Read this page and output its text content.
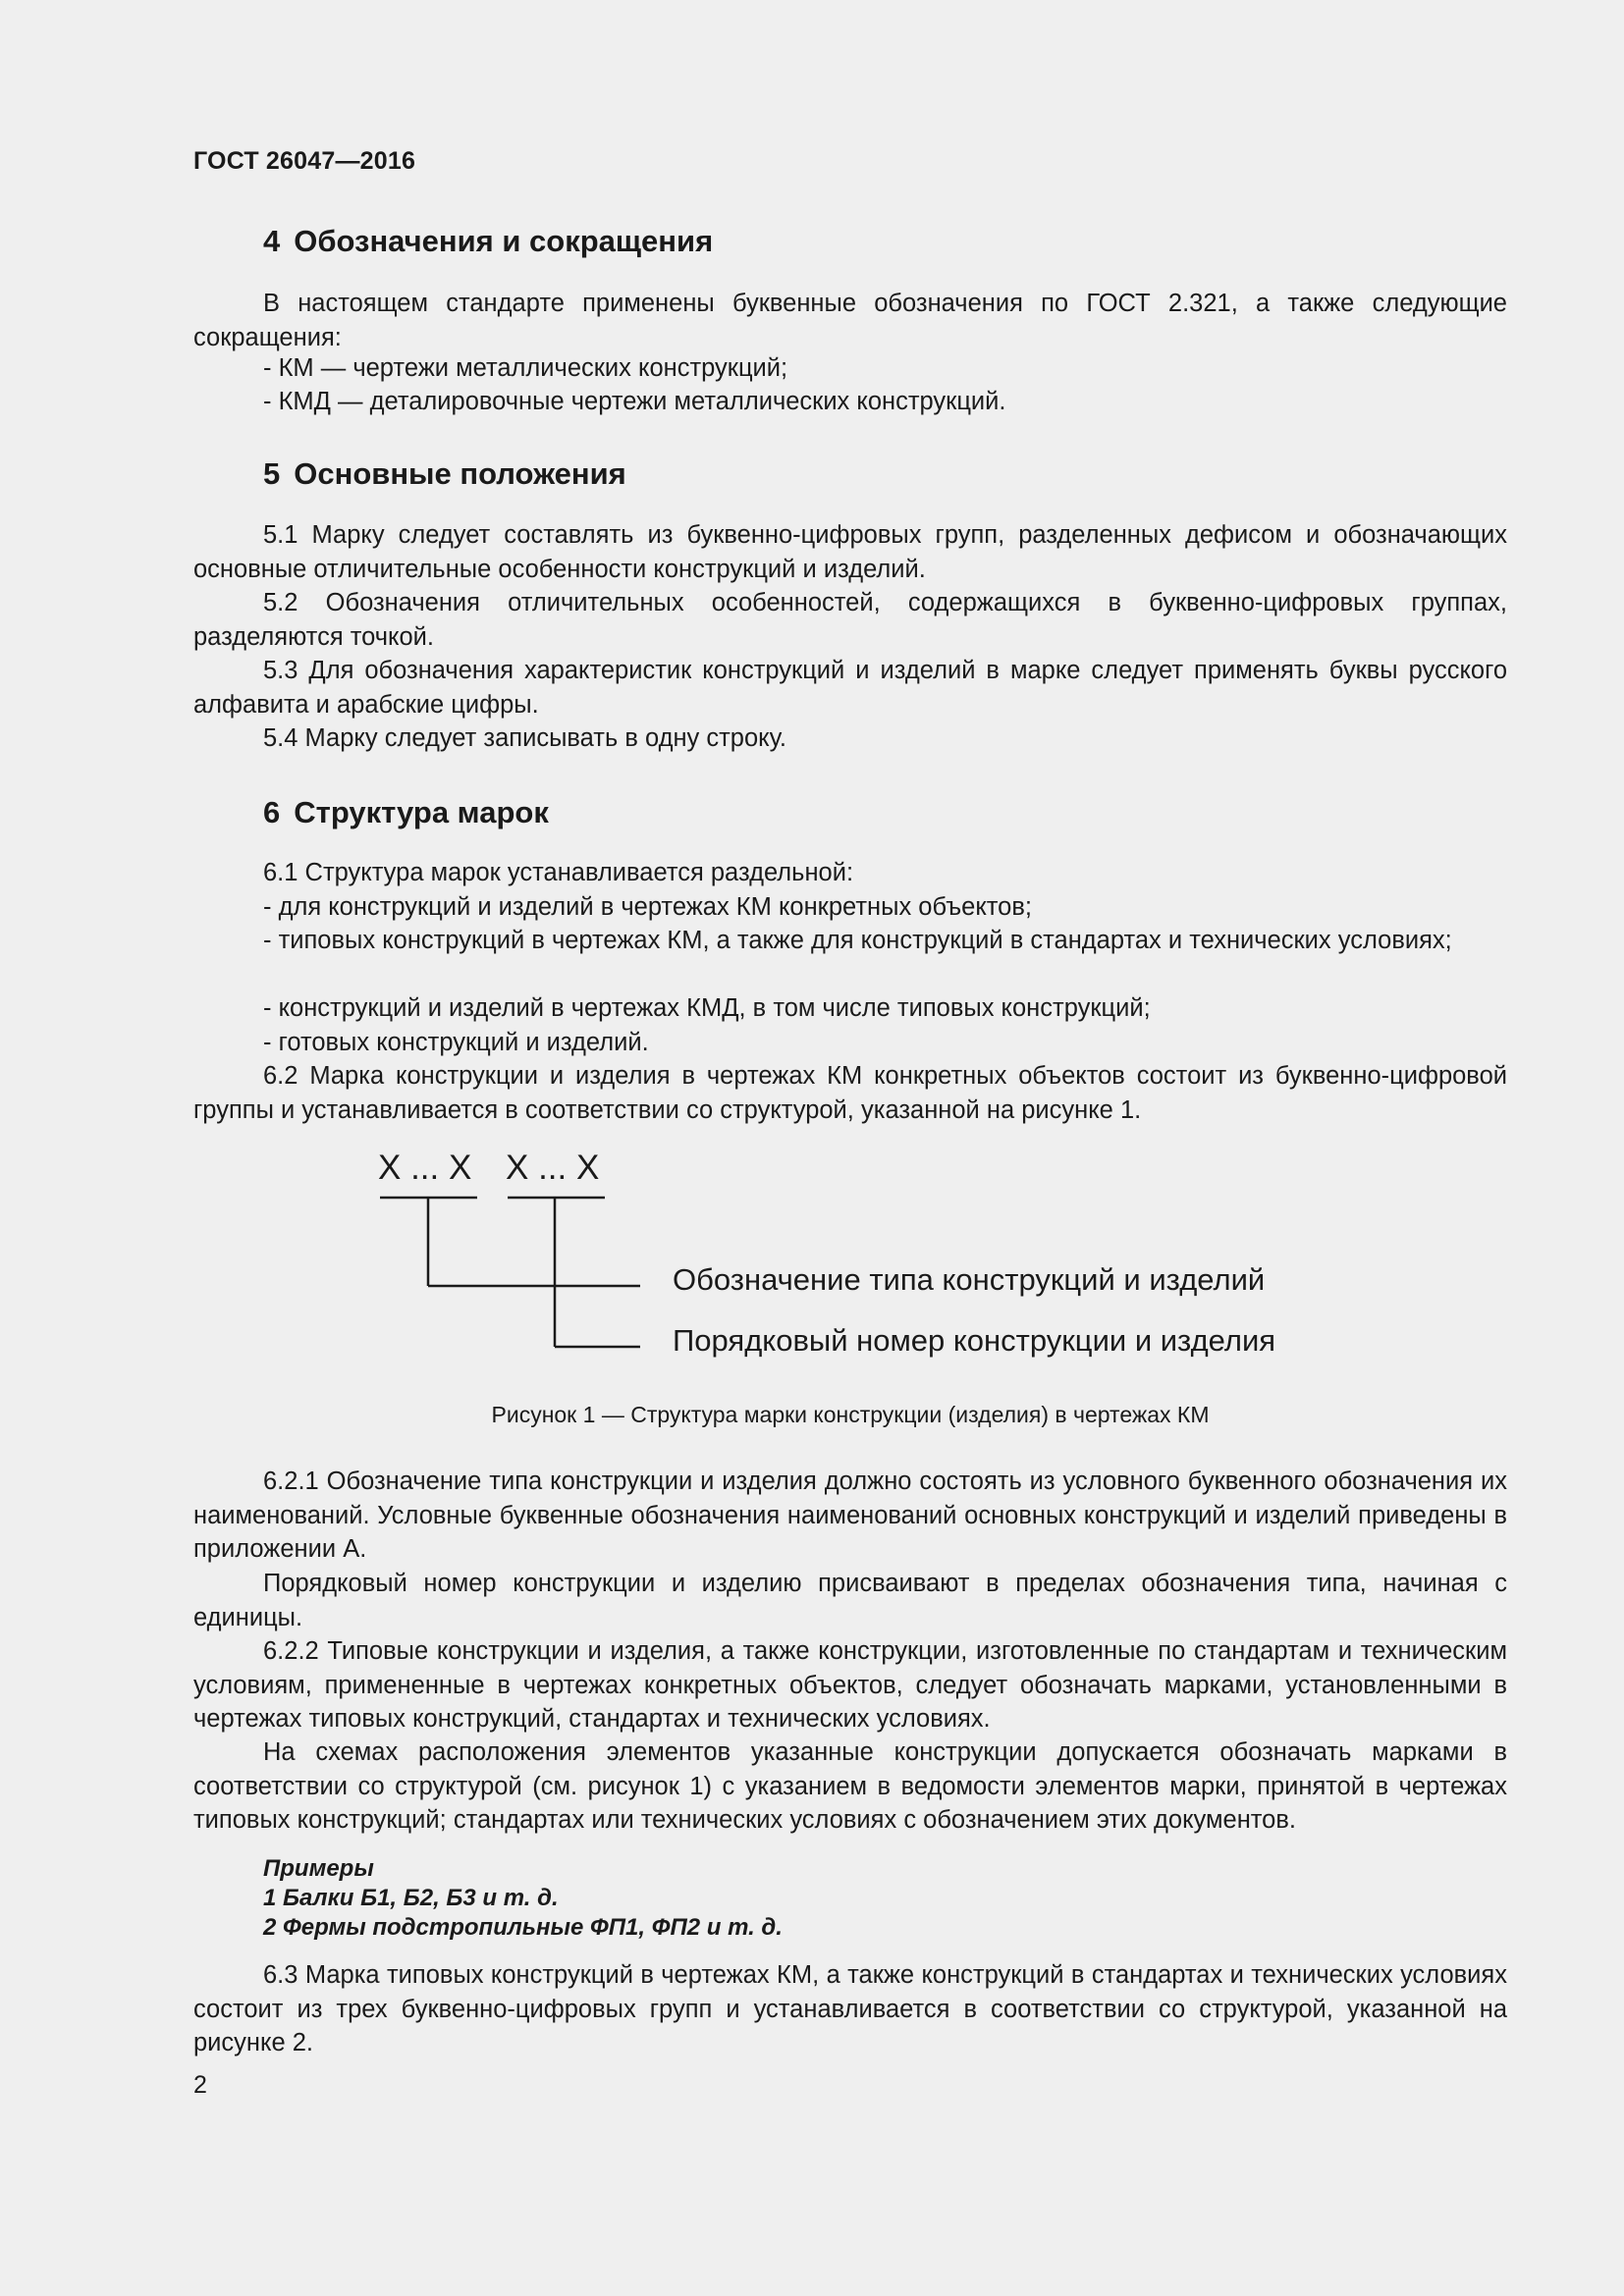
ГОСТ 26047—2016
4 Обозначения и сокращения
В настоящем стандарте применены буквенные обозначения по ГОСТ 2.321, а также следующие сокращения:
- КМ — чертежи металлических конструкций;
- КМД — деталировочные чертежи металлических конструкций.
5 Основные положения
5.1 Марку следует составлять из буквенно-цифровых групп, разделенных дефисом и обозначающих основные отличительные особенности конструкций и изделий.
5.2 Обозначения отличительных особенностей, содержащихся в буквенно-цифровых группах, разделяются точкой.
5.3 Для обозначения характеристик конструкций и изделий в марке следует применять буквы русского алфавита и арабские цифры.
5.4 Марку следует записывать в одну строку.
6 Структура марок
6.1 Структура марок устанавливается раздельной:
- для конструкций и изделий в чертежах КМ конкретных объектов;
- типовых конструкций в чертежах КМ, а также для конструкций в стандартах и технических условиях;
- конструкций и изделий в чертежах КМД, в том числе типовых конструкций;
- готовых конструкций и изделий.
6.2 Марка конструкции и изделия в чертежах КМ конкретных объектов состоит из буквенно-цифровой группы и устанавливается в соответствии со структурой, указанной на рисунке 1.
X ... X X ... X
Обозначение типа конструкций и изделий
Порядковый номер конструкции и изделия
Рисунок 1 — Структура марки конструкции (изделия) в чертежах КМ
6.2.1 Обозначение типа конструкции и изделия должно состоять из условного буквенного обозначения их наименований. Условные буквенные обозначения наименований основных конструкций и изделий приведены в приложении А.
Порядковый номер конструкции и изделию присваивают в пределах обозначения типа, начиная с единицы.
6.2.2 Типовые конструкции и изделия, а также конструкции, изготовленные по стандартам и техническим условиям, примененные в чертежах конкретных объектов, следует обозначать марками, установленными в чертежах типовых конструкций, стандартах и технических условиях.
На схемах расположения элементов указанные конструкции допускается обозначать марками в соответствии со структурой (см. рисунок 1) с указанием в ведомости элементов марки, принятой в чертежах типовых конструкций; стандартах или технических условиях с обозначением этих документов.
Примеры
1 Балки Б1, Б2, Б3 и т. д.
2 Фермы подстропильные ФП1, ФП2 и т. д.
6.3 Марка типовых конструкций в чертежах КМ, а также конструкций в стандартах и технических условиях состоит из трех буквенно-цифровых групп и устанавливается в соответствии со структурой, указанной на рисунке 2.
2
